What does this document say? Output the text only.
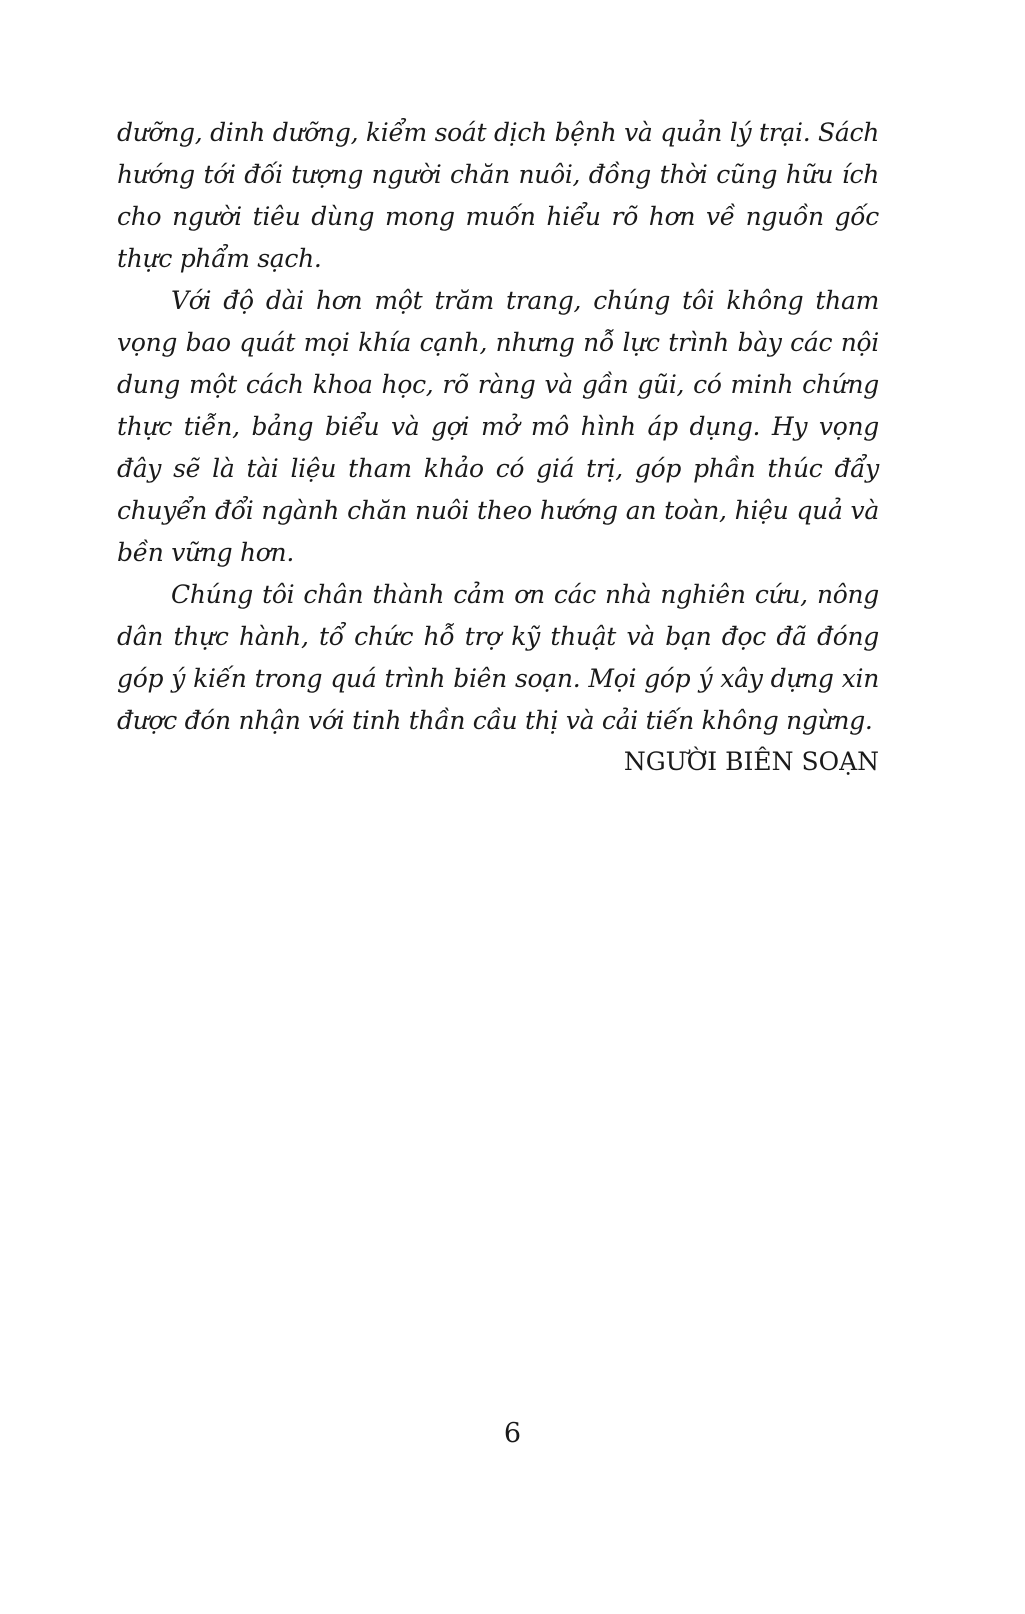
dưỡng, dinh dưỡng, kiểm soát dịch bệnh và quản lý trại. Sách hướng tới đối tượng người chăn nuôi, đồng thời cũng hữu ích cho người tiêu dùng mong muốn hiểu rõ hơn về nguồn gốc thực phẩm sạch.

Với độ dài hơn một trăm trang, chúng tôi không tham vọng bao quát mọi khía cạnh, nhưng nỗ lực trình bày các nội dung một cách khoa học, rõ ràng và gần gũi, có minh chứng thực tiễn, bảng biểu và gợi mở mô hình áp dụng. Hy vọng đây sẽ là tài liệu tham khảo có giá trị, góp phần thúc đẩy chuyển đổi ngành chăn nuôi theo hướng an toàn, hiệu quả và bền vững hơn.

Chúng tôi chân thành cảm ơn các nhà nghiên cứu, nông dân thực hành, tổ chức hỗ trợ kỹ thuật và bạn đọc đã đóng góp ý kiến trong quá trình biên soạn. Mọi góp ý xây dựng xin được đón nhận với tinh thần cầu thị và cải tiến không ngừng.

NGƯỜI BIÊN SOẠN
6
